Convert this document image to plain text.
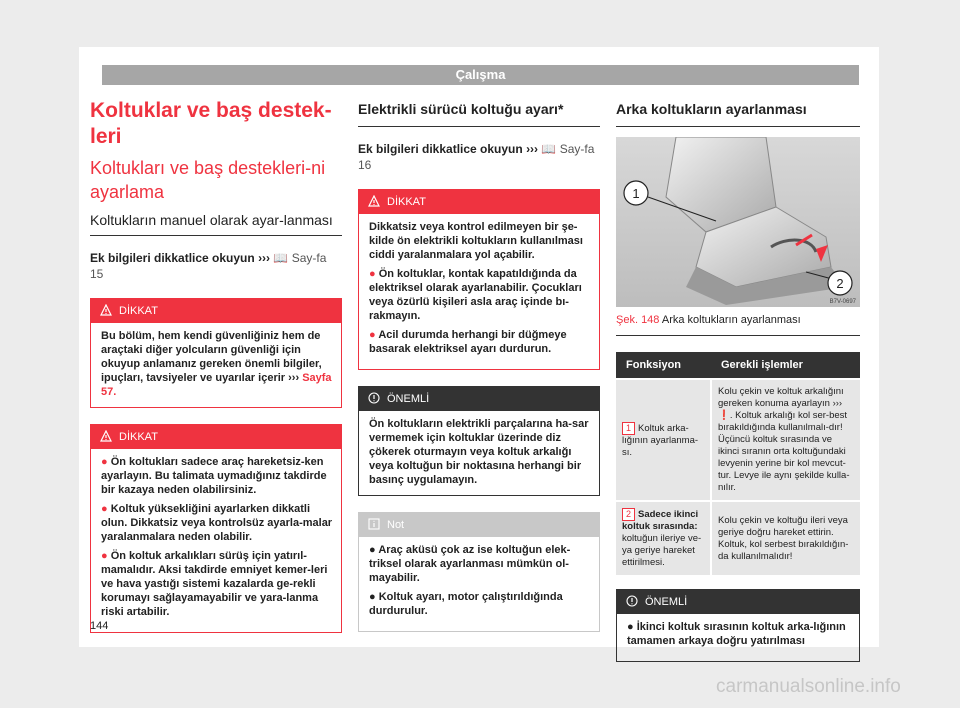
Çalışma
Koltuklar ve baş destek-leri
Koltukları ve baş destekleri-ni ayarlama
Koltukların manuel olarak ayar-lanması
Ek bilgileri dikkatlice okuyun ››› 📖 Say-fa 15
DİKKAT

Bu bölüm, hem kendi güvenliğiniz hem de araçtaki diğer yolcuların güvenliği için okuyup anlamanız gereken önemli bilgiler, ipuçları, tavsiyeler ve uyarılar içerir ››› Sayfa 57.

DİKKAT
● Ön koltukları sadece araç hareketsiz-ken ayarlayın. Bu talimata uymadığınız takdirde bir kazaya neden olabilirsiniz.
● Koltuk yüksekliğini ayarlarken dikkatli olun. Dikkatsiz veya kontrolsüz ayarla-malar yaralanmalara neden olabilir.
● Ön koltuk arkalıkları sürüş için yatırıl-mamalıdır. Aksi takdirde emniyet kemer-leri ve hava yastığı sistemi kazalarda ge-rekli korumayı sağlayamayabilir ve yara-lanma riski artabilir.
Elektrikli sürücü koltuğu ayarı*
Ek bilgileri dikkatlice okuyun ››› 📖 Say-fa 16
DİKKAT

Dikkatsiz veya kontrol edilmeyen bir şe-kilde ön elektrikli koltukların kullanılması ciddi yaralanmalara yol açabilir.

● Ön koltuklar, kontak kapatıldığında da elektriksel olarak ayarlanabilir. Çocukları veya özürlü kişileri asla araç içinde bı-rakmayın.
● Acil durumda herhangi bir düğmeye basarak elektriksel ayarı durdurun.
ÖNEMLİ

Ön koltukların elektrikli parçalarına ha-sar vermemek için koltuklar üzerinde diz çökerek oturmayın veya koltuk arkalığı veya koltuğun bir noktasına herhangi bir basınç uygulamayın.

Not
● Araç aküsü çok az ise koltuğun elek-triksel olarak ayarlanması mümkün ol-mayabilir.
● Koltuk ayarı, motor çalıştırıldığında durdurulur.
Arka koltukların ayarlanması
1
2
B7V-0697
Şek. 148 Arka koltukların ayarlanması
Fonksiyon	Gerekli işlemler
1 Koltuk arka-lığının ayarlanma-sı.	Kolu çekin ve koltuk arkalığını gereken konuma ayarlayın ››› ❗. Koltuk arkalığı kol ser-best bırakıldığında kullanılmalı-dır! Üçüncü koltuk sırasında ve ikinci sıranın orta koltuğundaki levyenin yerine bir kol mevcut-tur. Levye ile aynı şekilde kulla-nılır.
2 Sadece ikinci koltuk sırasında: koltuğun ileriye ve-ya geriye hareket ettirilmesi.	Kolu çekin ve koltuğu ileri veya geriye doğru hareket ettirin. Koltuk, kol serbest bırakıldığın-da kullanılmalıdır!
ÖNEMLİ
● İkinci koltuk sırasının koltuk arka-lığının tamamen arkaya doğru yatırılması
144
carmanualsonline.info
